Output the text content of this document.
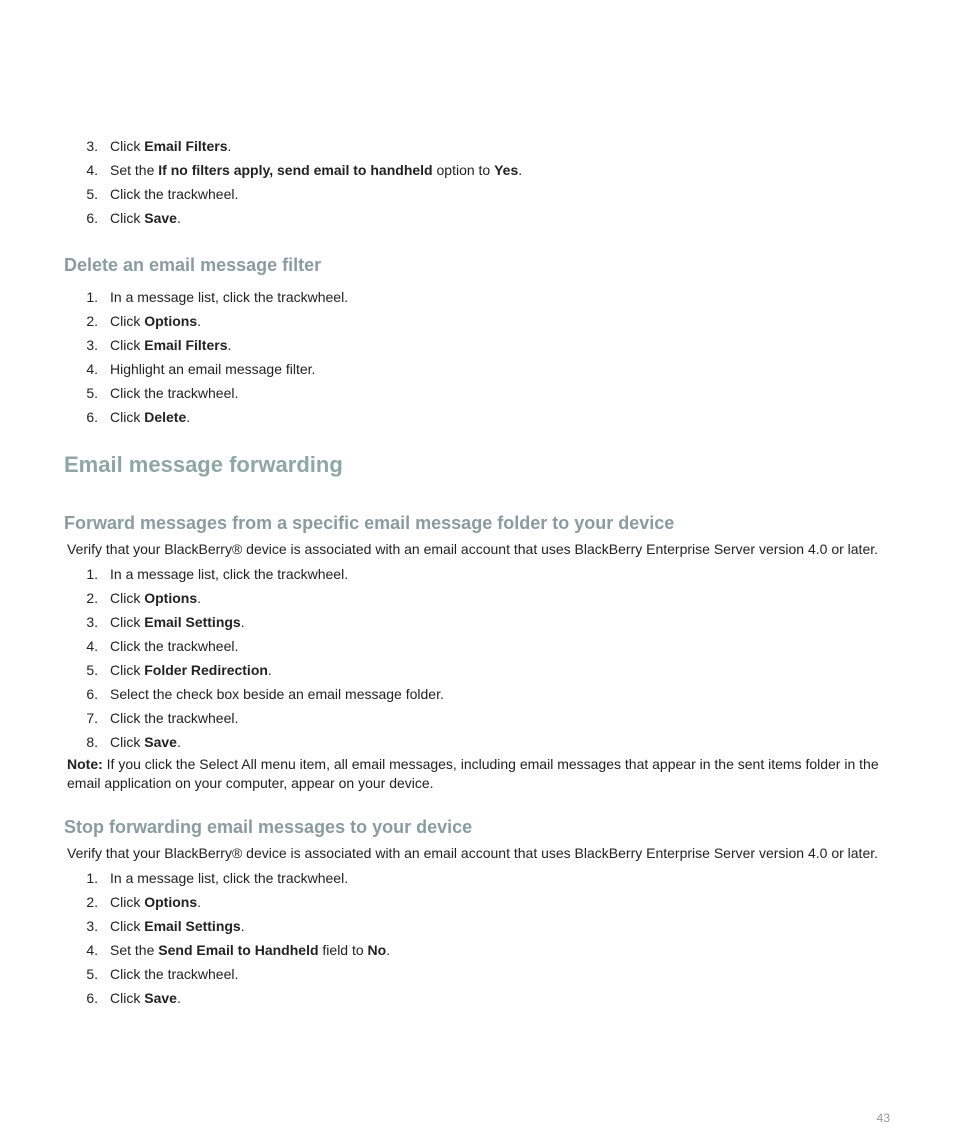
3. Click Email Filters.
4. Set the If no filters apply, send email to handheld option to Yes.
5. Click the trackwheel.
6. Click Save.
Delete an email message filter
1. In a message list, click the trackwheel.
2. Click Options.
3. Click Email Filters.
4. Highlight an email message filter.
5. Click the trackwheel.
6. Click Delete.
Email message forwarding
Forward messages from a specific email message folder to your device
Verify that your BlackBerry® device is associated with an email account that uses BlackBerry Enterprise Server version 4.0 or later.
1. In a message list, click the trackwheel.
2. Click Options.
3. Click Email Settings.
4. Click the trackwheel.
5. Click Folder Redirection.
6. Select the check box beside an email message folder.
7. Click the trackwheel.
8. Click Save.
Note: If you click the Select All menu item, all email messages, including email messages that appear in the sent items folder in the email application on your computer, appear on your device.
Stop forwarding email messages to your device
Verify that your BlackBerry® device is associated with an email account that uses BlackBerry Enterprise Server version 4.0 or later.
1. In a message list, click the trackwheel.
2. Click Options.
3. Click Email Settings.
4. Set the Send Email to Handheld field to No.
5. Click the trackwheel.
6. Click Save.
43
